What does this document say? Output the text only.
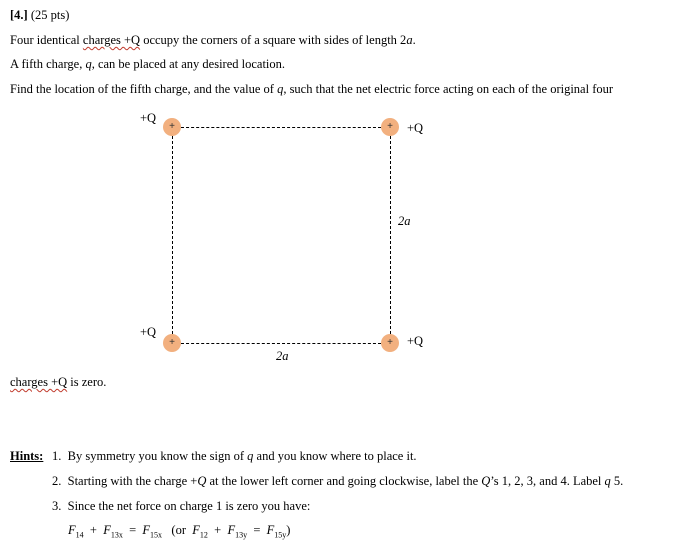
[4.] (25 pts)
Four identical charges +Q occupy the corners of a square with sides of length 2a.
A fifth charge, q, can be placed at any desired location.
Find the location of the fifth charge, and the value of q, such that the net electric force acting on each of the original four
+	+
+	+
+Q
+Q
+Q
+Q
2a
2a
charges +Q is zero.
Hints: 1. By symmetry you know the sign of q and you know where to place it.
2. Starting with the charge +Q at the lower left corner and going clockwise, label the Q’s 1, 2, 3, and 4. Label q 5.
3. Since the net force on charge 1 is zero you have:
$F_{14} + F_{13x} = F_{15x}$ (or $F_{12} + F_{13y} = F_{15y}$)
